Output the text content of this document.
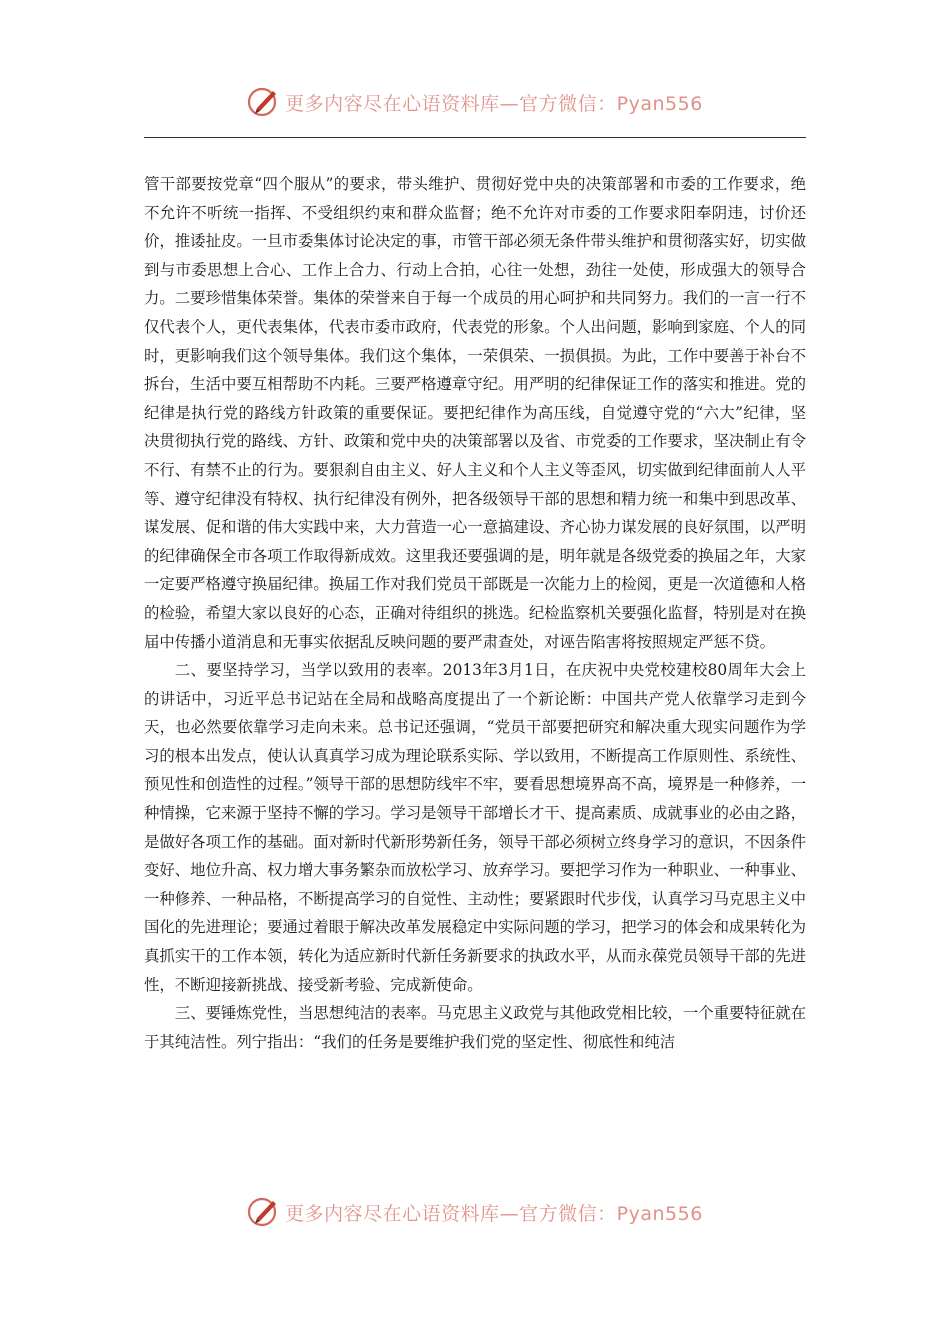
更多内容尽在心语资料库—官方微信：Pyan556

管干部要按党章“四个服从”的要求，带头维护、贯彻好党中央的决策部署和市委的工作要求，绝不允许不听统一指挥、不受组织约束和群众监督；绝不允许对市委的工作要求阳奉阴违，讨价还价，推诿扯皮。一旦市委集体讨论决定的事，市管干部必须无条件带头维护和贯彻落实好，切实做到与市委思想上合心、工作上合力、行动上合拍，心往一处想，劲往一处使，形成强大的领导合力。二要珍惜集体荣誉。集体的荣誉来自于每一个成员的用心呵护和共同努力。我们的一言一行不仅代表个人，更代表集体，代表市委市政府，代表党的形象。个人出问题，影响到家庭、个人的同时，更影响我们这个领导集体。我们这个集体，一荣俱荣、一损俱损。为此，工作中要善于补台不拆台，生活中要互相帮助不内耗。三要严格遵章守纪。用严明的纪律保证工作的落实和推进。党的纪律是执行党的路线方针政策的重要保证。要把纪律作为高压线，自觉遵守党的“六大”纪律，坚决贯彻执行党的路线、方针、政策和党中央的决策部署以及省、市党委的工作要求，坚决制止有令不行、有禁不止的行为。要狠刹自由主义、好人主义和个人主义等歪风，切实做到纪律面前人人平等、遵守纪律没有特权、执行纪律没有例外，把各级领导干部的思想和精力统一和集中到思改革、谋发展、促和谐的伟大实践中来，大力营造一心一意搞建设、齐心协力谋发展的良好氛围，以严明的纪律确保全市各项工作取得新成效。这里我还要强调的是，明年就是各级党委的换届之年，大家一定要严格遵守换届纪律。换届工作对我们党员干部既是一次能力上的检阅，更是一次道德和人格的检验，希望大家以良好的心态，正确对待组织的挑选。纪检监察机关要强化监督，特别是对在换届中传播小道消息和无事实依据乱反映问题的要严肃查处，对诬告陷害将按照规定严惩不贷。

二、要坚持学习，当学以致用的表率。2013年3月1日，在庆祝中央党校建校80周年大会上的讲话中，习近平总书记站在全局和战略高度提出了一个新论断：中国共产党人依靠学习走到今天，也必然要依靠学习走向未来。总书记还强调，“党员干部要把研究和解决重大现实问题作为学习的根本出发点，使认认真真学习成为理论联系实际、学以致用，不断提高工作原则性、系统性、预见性和创造性的过程。”领导干部的思想防线牢不牢，要看思想境界高不高，境界是一种修养，一种情操，它来源于坚持不懈的学习。学习是领导干部增长才干、提高素质、成就事业的必由之路，是做好各项工作的基础。面对新时代新形势新任务，领导干部必须树立终身学习的意识，不因条件变好、地位升高、权力增大事务繁杂而放松学习、放弃学习。要把学习作为一种职业、一种事业、一种修养、一种品格，不断提高学习的自觉性、主动性；要紧跟时代步伐，认真学习马克思主义中国化的先进理论；要通过着眼于解决改革发展稳定中实际问题的学习，把学习的体会和成果转化为真抓实干的工作本领，转化为适应新时代新任务新要求的执政水平，从而永葆党员领导干部的先进性，不断迎接新挑战、接受新考验、完成新使命。

三、要锤炼党性，当思想纯洁的表率。马克思主义政党与其他政党相比较，一个重要特征就在于其纯洁性。列宁指出：“我们的任务是要维护我们党的坚定性、彻底性和纯洁

更多内容尽在心语资料库—官方微信：Pyan556
